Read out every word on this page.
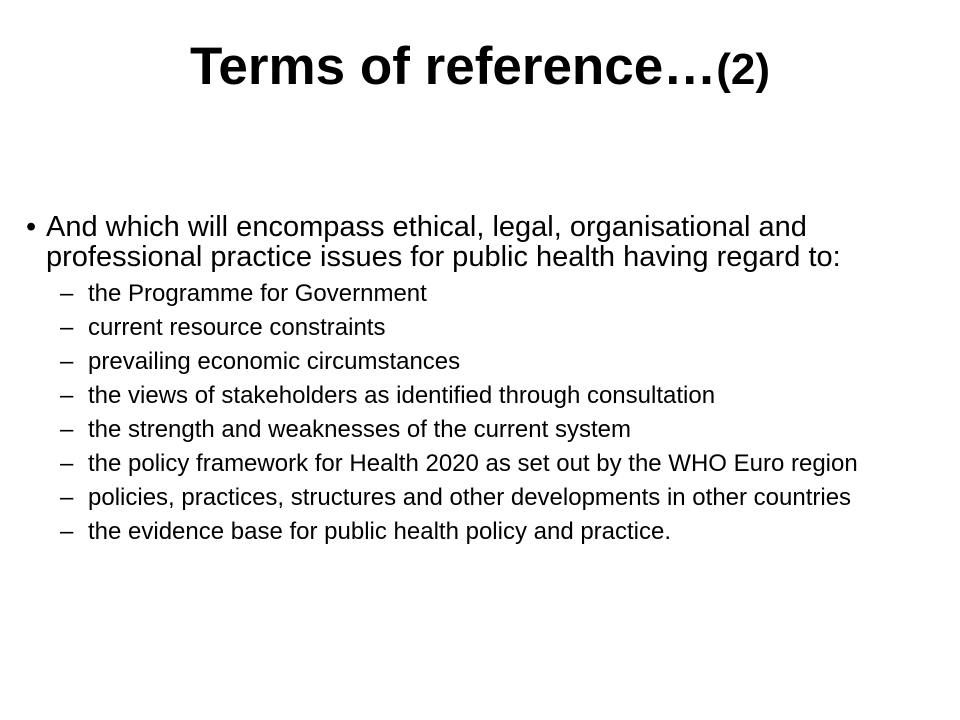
Terms of reference…(2)
• And which will encompass ethical, legal, organisational and professional practice issues for public health having regard to:
– the Programme for Government
– current resource constraints
– prevailing economic circumstances
– the views of stakeholders as identified through consultation
– the strength and weaknesses of the current system
– the policy framework for Health 2020 as set out by the WHO Euro region
– policies, practices, structures and other developments in other countries
– the evidence base for public health policy and practice.
